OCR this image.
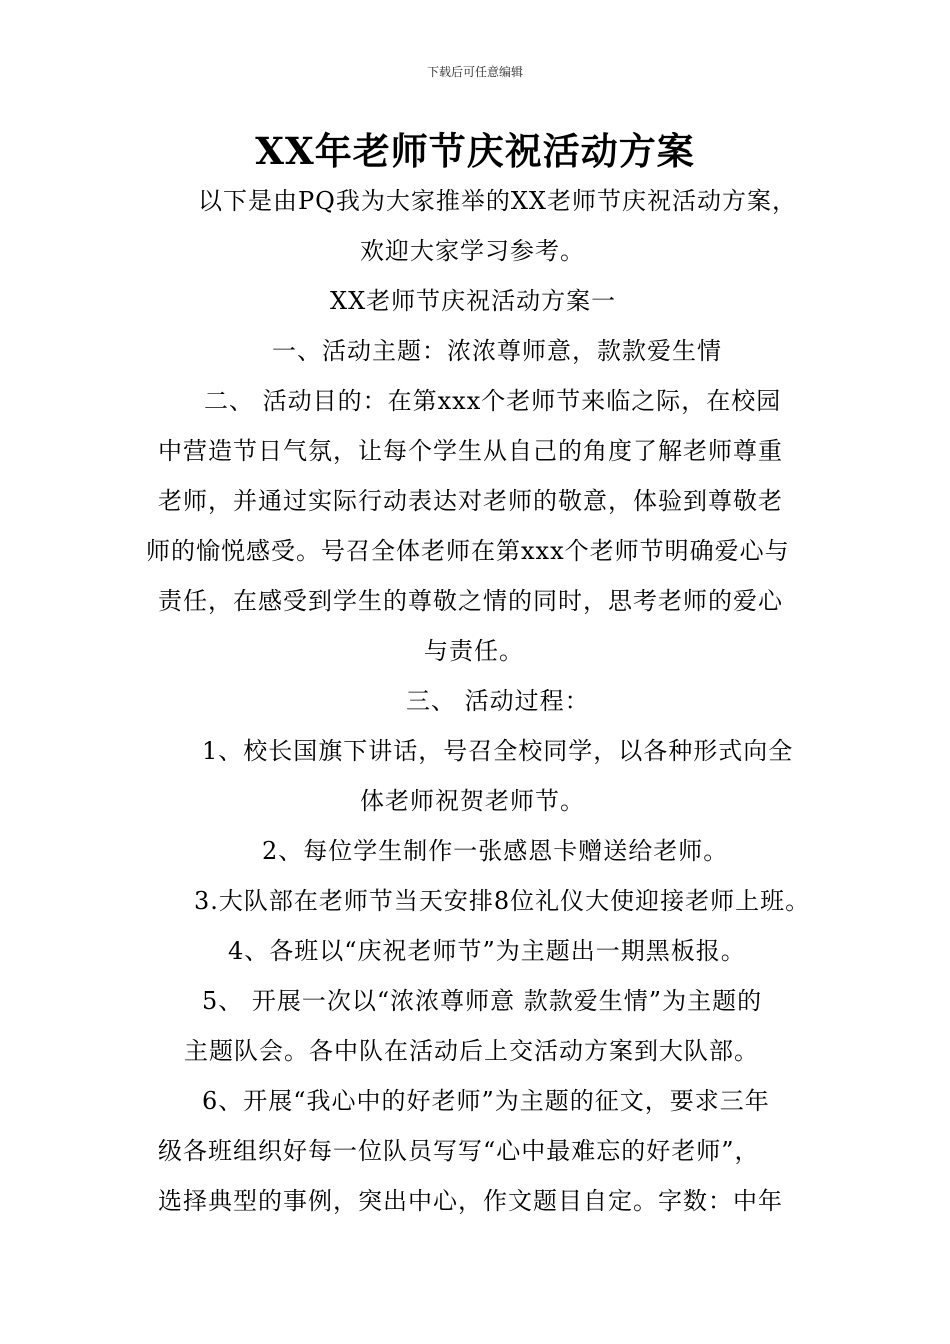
下载后可任意编辑
XX年老师节庆祝活动方案

以下是由PQ我为大家推举的XX老师节庆祝活动方案，

欢迎大家学习参考。

XX老师节庆祝活动方案一

一、活动主题：浓浓尊师意，款款爱生情

二、 活动目的：在第xxx个老师节来临之际，在校园

中营造节日气氛，让每个学生从自己的角度了解老师尊重

老师，并通过实际行动表达对老师的敬意，体验到尊敬老

师的愉悦感受。号召全体老师在第xxx个老师节明确爱心与

责任，在感受到学生的尊敬之情的同时，思考老师的爱心

与责任。

三、 活动过程：

1、校长国旗下讲话，号召全校同学，以各种形式向全

体老师祝贺老师节。

2、每位学生制作一张感恩卡赠送给老师。

3.大队部在老师节当天安排8位礼仪大使迎接老师上班。

4、各班以“庆祝老师节”为主题出一期黑板报。

5、 开展一次以“浓浓尊师意 款款爱生情”为主题的

主题队会。各中队在活动后上交活动方案到大队部。

6、开展“我心中的好老师”为主题的征文，要求三年

级各班组织好每一位队员写写“心中最难忘的好老师”，

选择典型的事例，突出中心，作文题目自定。字数：中年
